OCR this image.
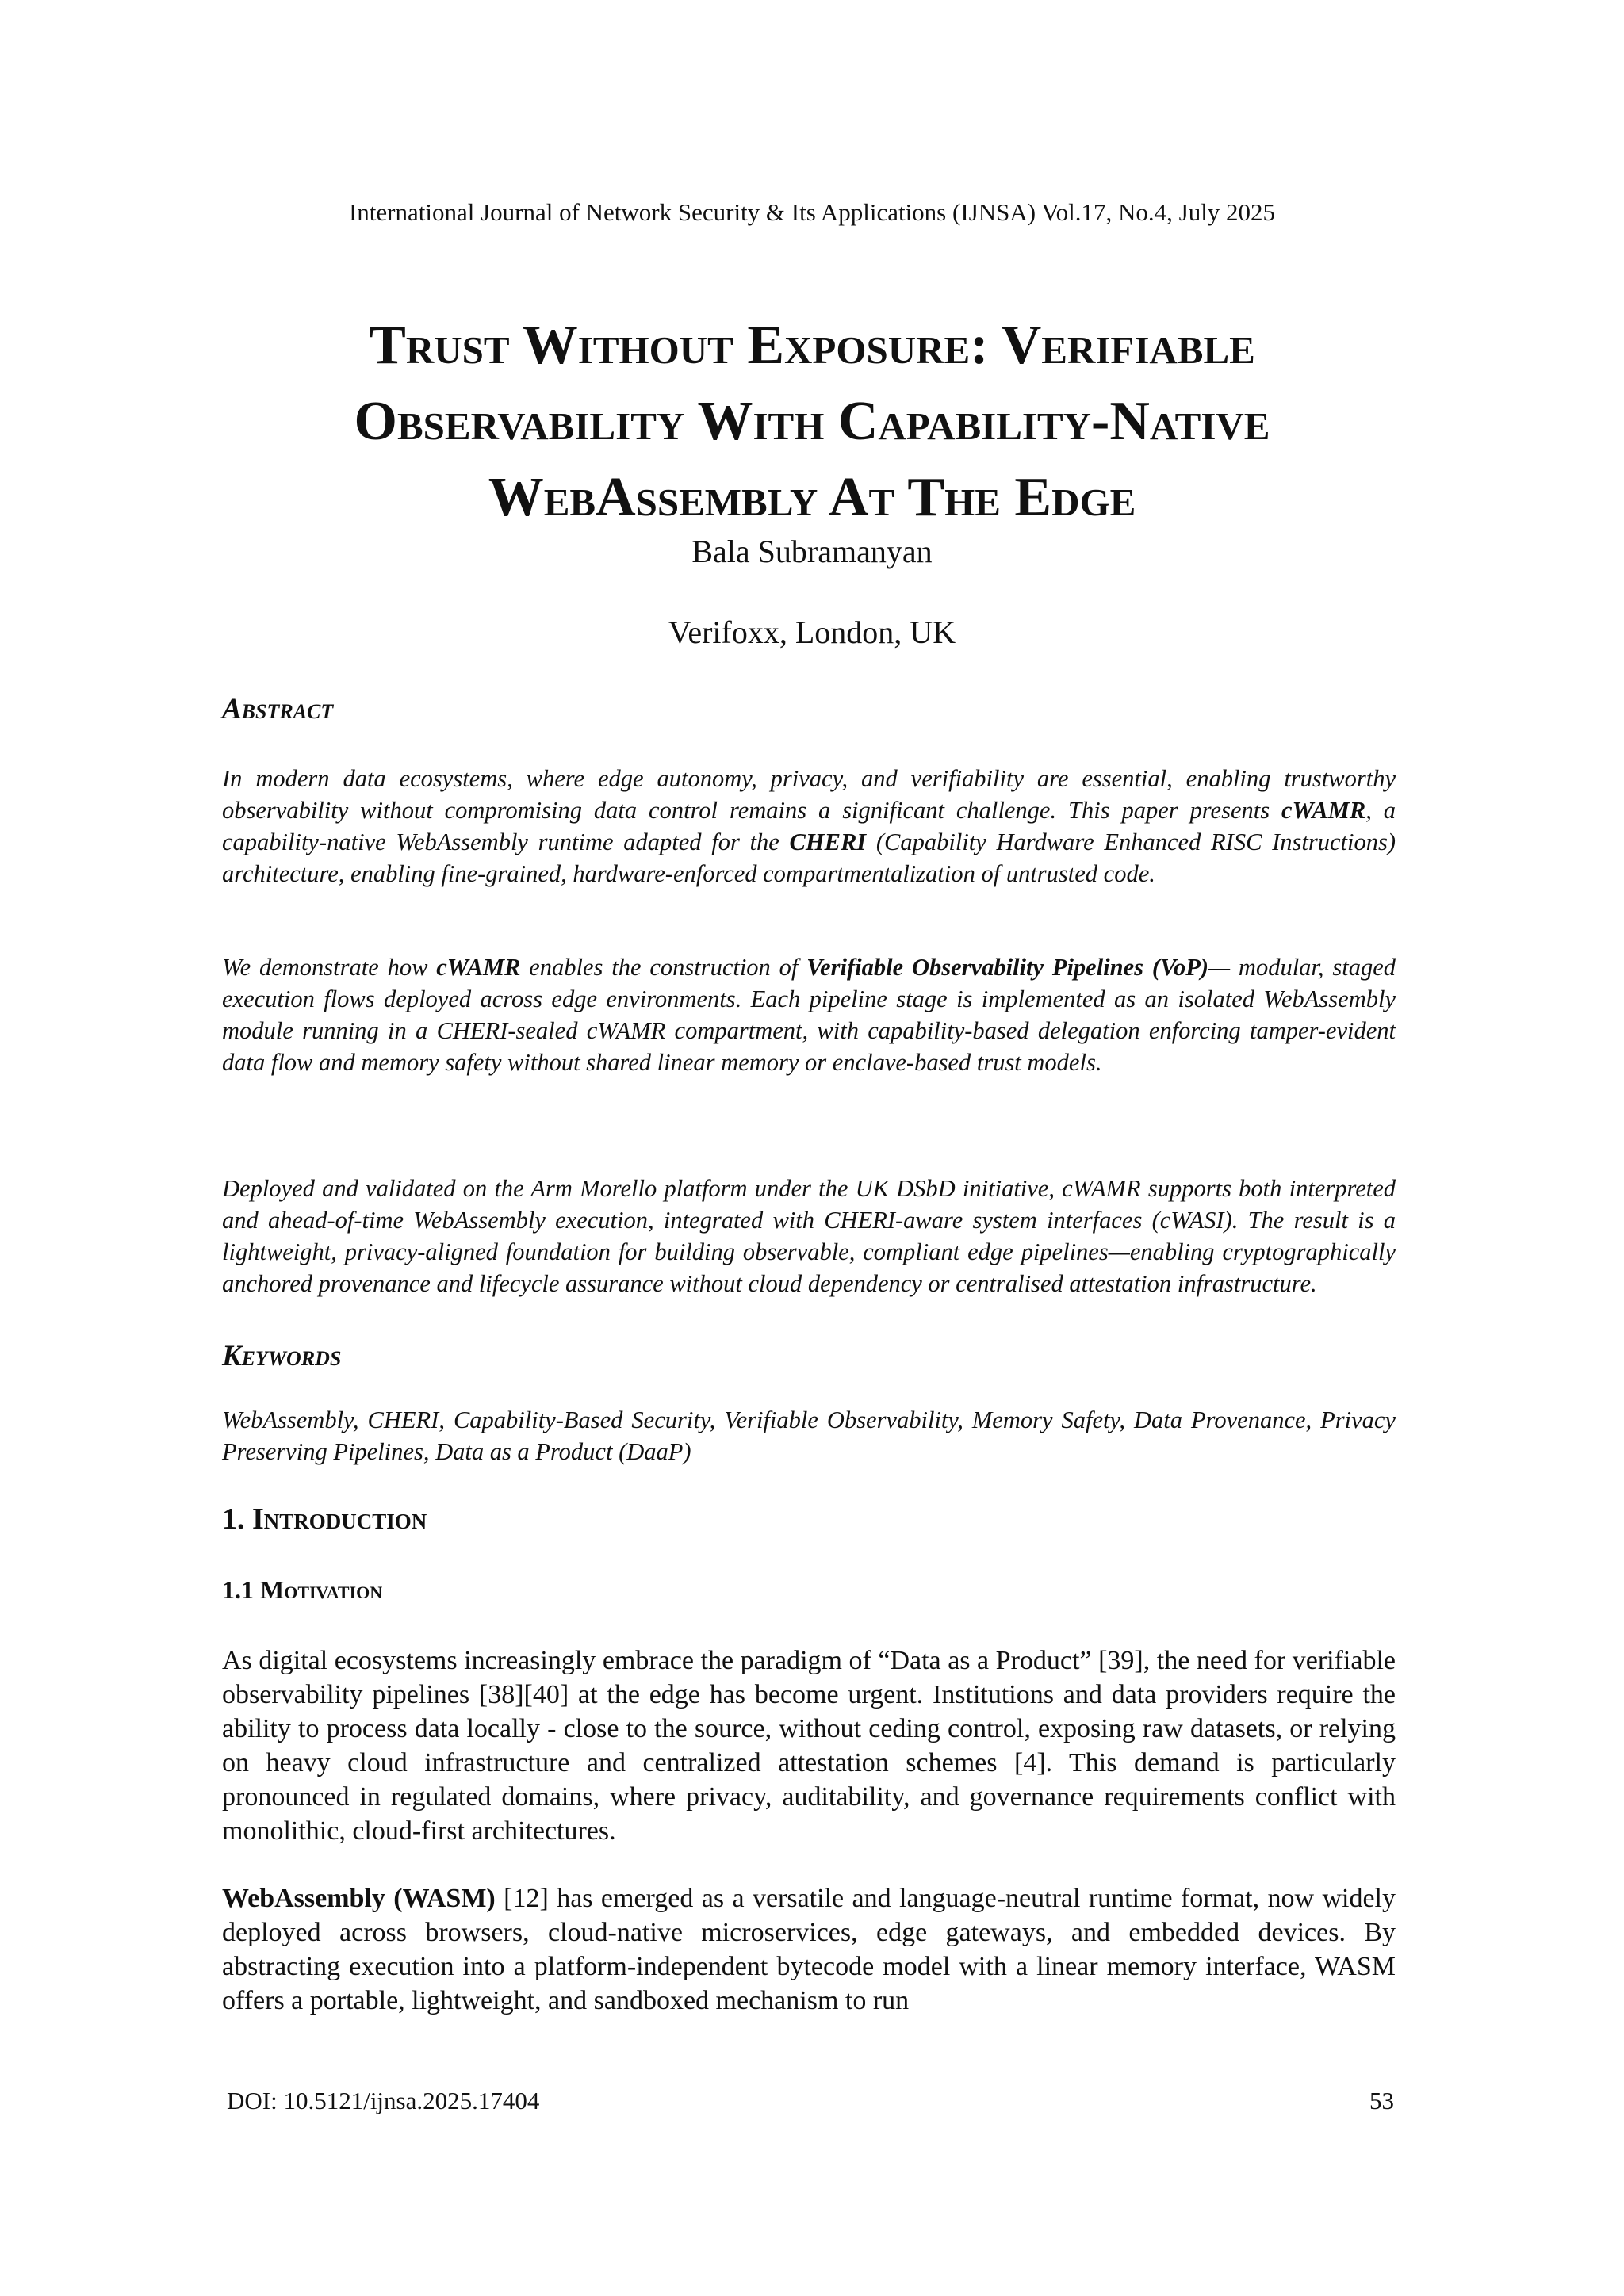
International Journal of Network Security & Its Applications (IJNSA) Vol.17, No.4, July 2025
Trust Without Exposure: Verifiable
Observability With Capability-Native
WebAssembly At The Edge
Bala Subramanyan
Verifoxx, London, UK
Abstract

In modern data ecosystems, where edge autonomy, privacy, and verifiability are essential, enabling trustworthy observability without compromising data control remains a significant challenge. This paper presents cWAMR, a capability-native WebAssembly runtime adapted for the CHERI (Capability Hardware Enhanced RISC Instructions) architecture, enabling fine-grained, hardware-enforced compartmentalization of untrusted code.

We demonstrate how cWAMR enables the construction of Verifiable Observability Pipelines (VoP)— modular, staged execution flows deployed across edge environments. Each pipeline stage is implemented as an isolated WebAssembly module running in a CHERI-sealed cWAMR compartment, with capability-based delegation enforcing tamper-evident data flow and memory safety without shared linear memory or enclave-based trust models.

Deployed and validated on the Arm Morello platform under the UK DSbD initiative, cWAMR supports both interpreted and ahead-of-time WebAssembly execution, integrated with CHERI-aware system interfaces (cWASI). The result is a lightweight, privacy-aligned foundation for building observable, compliant edge pipelines—enabling cryptographically anchored provenance and lifecycle assurance without cloud dependency or centralised attestation infrastructure.

Keywords

WebAssembly, CHERI, Capability-Based Security, Verifiable Observability, Memory Safety, Data Provenance, Privacy Preserving Pipelines, Data as a Product (DaaP)

1. Introduction
1.1 Motivation

As digital ecosystems increasingly embrace the paradigm of “Data as a Product” [39], the need for verifiable observability pipelines [38][40] at the edge has become urgent. Institutions and data providers require the ability to process data locally - close to the source, without ceding control, exposing raw datasets, or relying on heavy cloud infrastructure and centralized attestation schemes [4]. This demand is particularly pronounced in regulated domains, where privacy, auditability, and governance requirements conflict with monolithic, cloud-first architectures.

WebAssembly (WASM) [12] has emerged as a versatile and language-neutral runtime format, now widely deployed across browsers, cloud-native microservices, edge gateways, and embedded devices. By abstracting execution into a platform-independent bytecode model with a linear memory interface, WASM offers a portable, lightweight, and sandboxed mechanism to run

DOI: 10.5121/ijnsa.2025.17404	53
